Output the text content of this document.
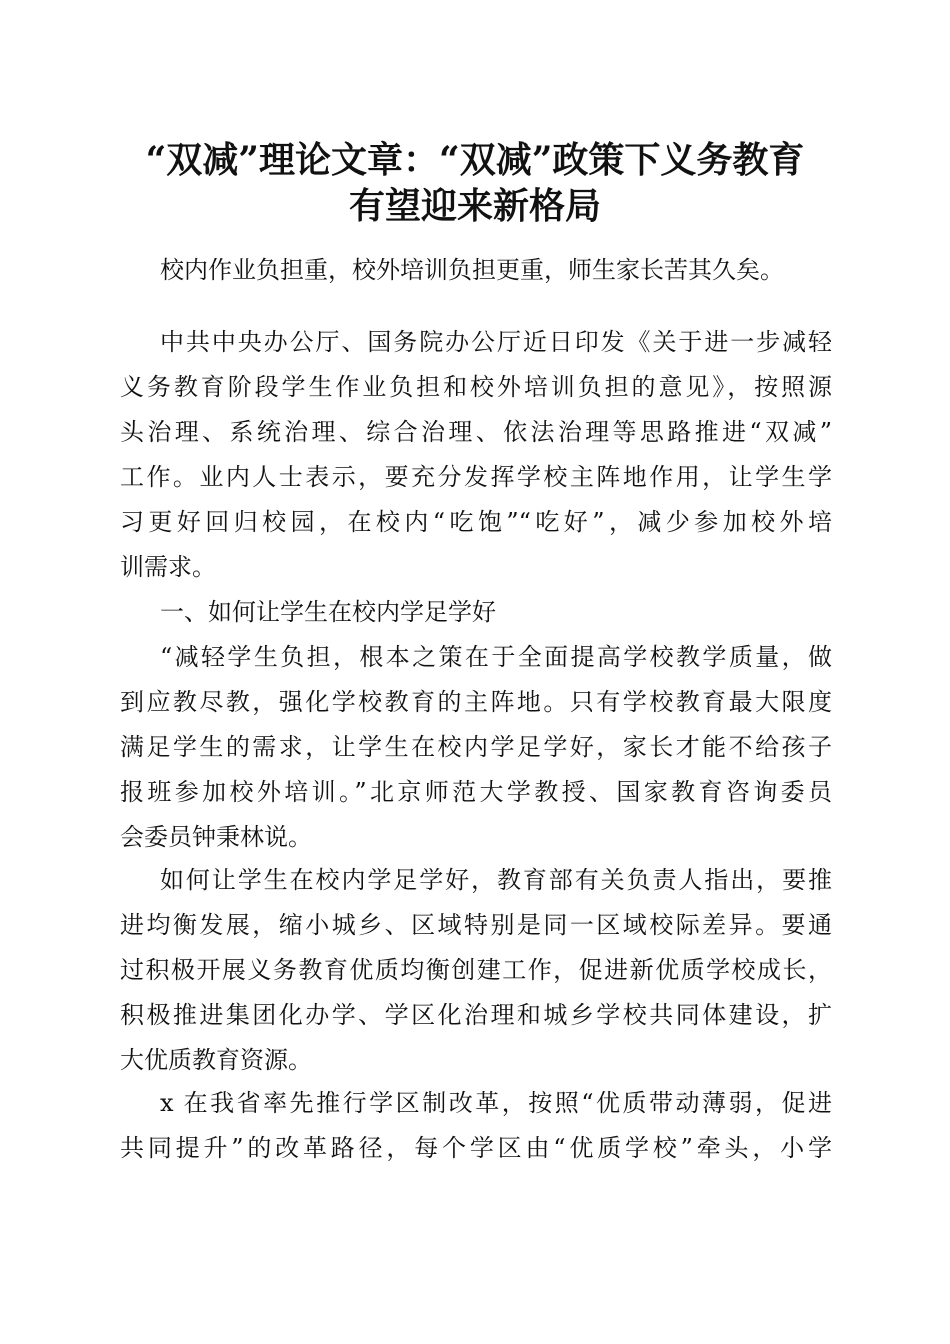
“双减”理论文章：“双减”政策下义务教育
有望迎来新格局
校内作业负担重，校外培训负担更重，师生家长苦其久矣。
中共中央办公厅、国务院办公厅近日印发《关于进一步减轻
义务教育阶段学生作业负担和校外培训负担的意见》，按照源
头治理、系统治理、综合治理、依法治理等思路推进“双减”
工作。业内人士表示，要充分发挥学校主阵地作用，让学生学
习更好回归校园，在校内“吃饱”“吃好”，减少参加校外培
训需求。
一、如何让学生在校内学足学好
“减轻学生负担，根本之策在于全面提高学校教学质量，做
到应教尽教，强化学校教育的主阵地。只有学校教育最大限度
满足学生的需求，让学生在校内学足学好，家长才能不给孩子
报班参加校外培训。”北京师范大学教授、国家教育咨询委员
会委员钟秉林说。
如何让学生在校内学足学好，教育部有关负责人指出，要推
进均衡发展，缩小城乡、区域特别是同一区域校际差异。要通
过积极开展义务教育优质均衡创建工作，促进新优质学校成长，
积极推进集团化办学、学区化治理和城乡学校共同体建设，扩
大优质教育资源。
x 在我省率先推行学区制改革，按照“优质带动薄弱，促进
共同提升”的改革路径，每个学区由“优质学校”牵头，小学
